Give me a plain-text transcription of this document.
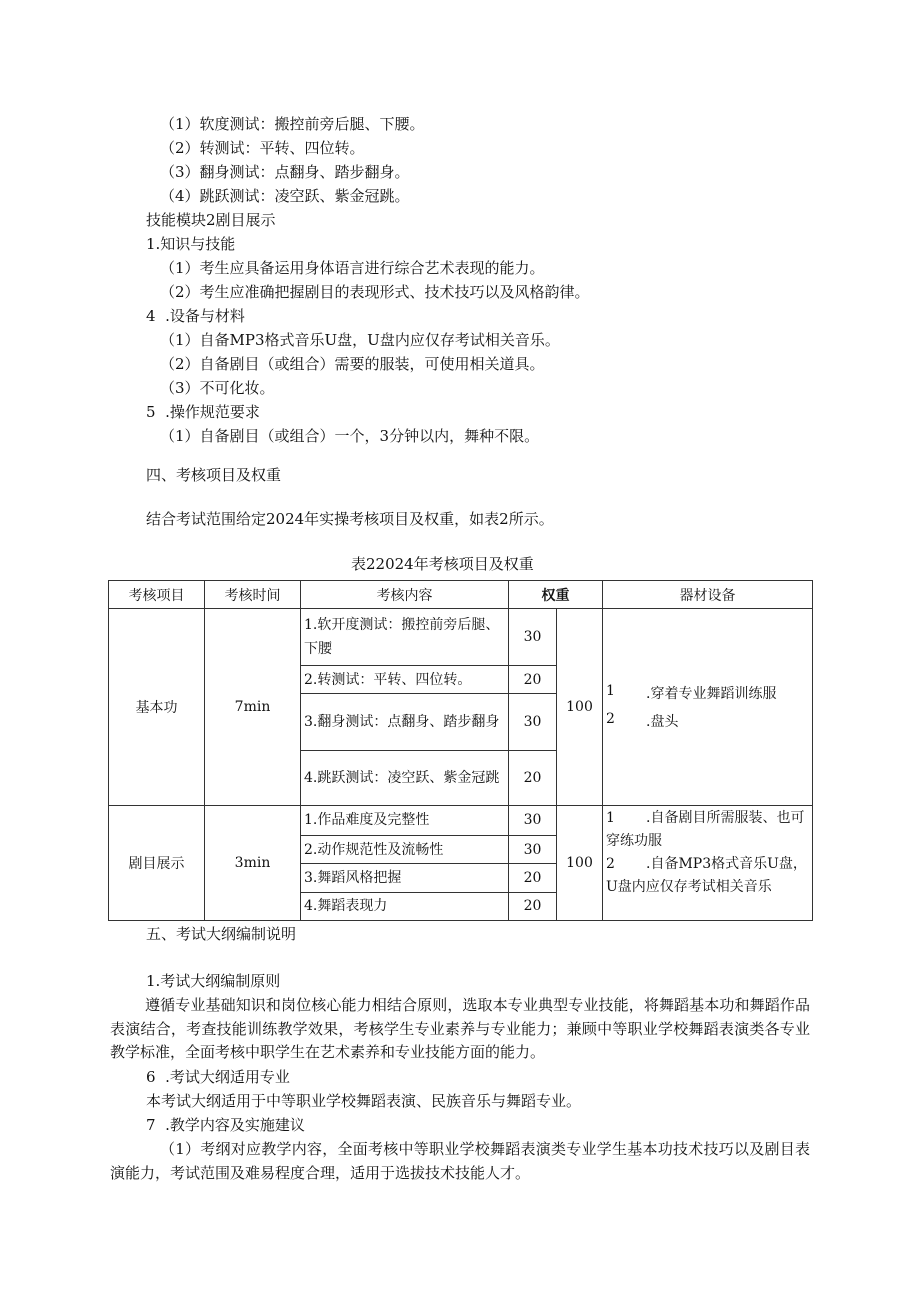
（1）软度测试：搬控前旁后腿、下腰。
（2）转测试：平转、四位转。
（3）翻身测试：点翻身、踏步翻身。
（4）跳跃测试：凌空跃、紫金冠跳。
技能模块2剧目展示
1.知识与技能
（1）考生应具备运用身体语言进行综合艺术表现的能力。
（2）考生应准确把握剧目的表现形式、技术技巧以及风格韵律。
4  .设备与材料
（1）自备MP3格式音乐U盘，U盘内应仅存考试相关音乐。
（2）自备剧目（或组合）需要的服装，可使用相关道具。
（3）不可化妆。
5  .操作规范要求
（1）自备剧目（或组合）一个，3分钟以内，舞种不限。
四、考核项目及权重
结合考试范围给定2024年实操考核项目及权重，如表2所示。
表22024年考核项目及权重
考核项目	考核时间	考核内容	权重		器材设备
基本功	7min	1.软开度测试：搬控前旁后腿、下腰	30	100	1 .穿着专业舞蹈训练服
2 .盘头

		2.转测试：平转、四位转。	20		
		3.翻身测试：点翻身、踏步翻身	30		
		4.跳跃测试：凌空跃、紫金冠跳	20		
剧目展示	3min	1.作品难度及完整性	30	100	1 .自备剧目所需服装、也可穿练功服
2 .自备MP3格式音乐U盘，U盘内应仅存考试相关音乐

		2.动作规范性及流畅性	30		
		3.舞蹈风格把握	20		
		4.舞蹈表现力	20		
五、考试大纲编制说明
1.考试大纲编制原则
遵循专业基础知识和岗位核心能力相结合原则，选取本专业典型专业技能，将舞蹈基本功和舞蹈作品表演结合，考查技能训练教学效果，考核学生专业素养与专业能力；兼顾中等职业学校舞蹈表演类各专业教学标准，全面考核中职学生在艺术素养和专业技能方面的能力。
6  .考试大纲适用专业
本考试大纲适用于中等职业学校舞蹈表演、民族音乐与舞蹈专业。
7  .教学内容及实施建议
（1）考纲对应教学内容，全面考核中等职业学校舞蹈表演类专业学生基本功技术技巧以及剧目表演能力，考试范围及难易程度合理，适用于选拔技术技能人才。
